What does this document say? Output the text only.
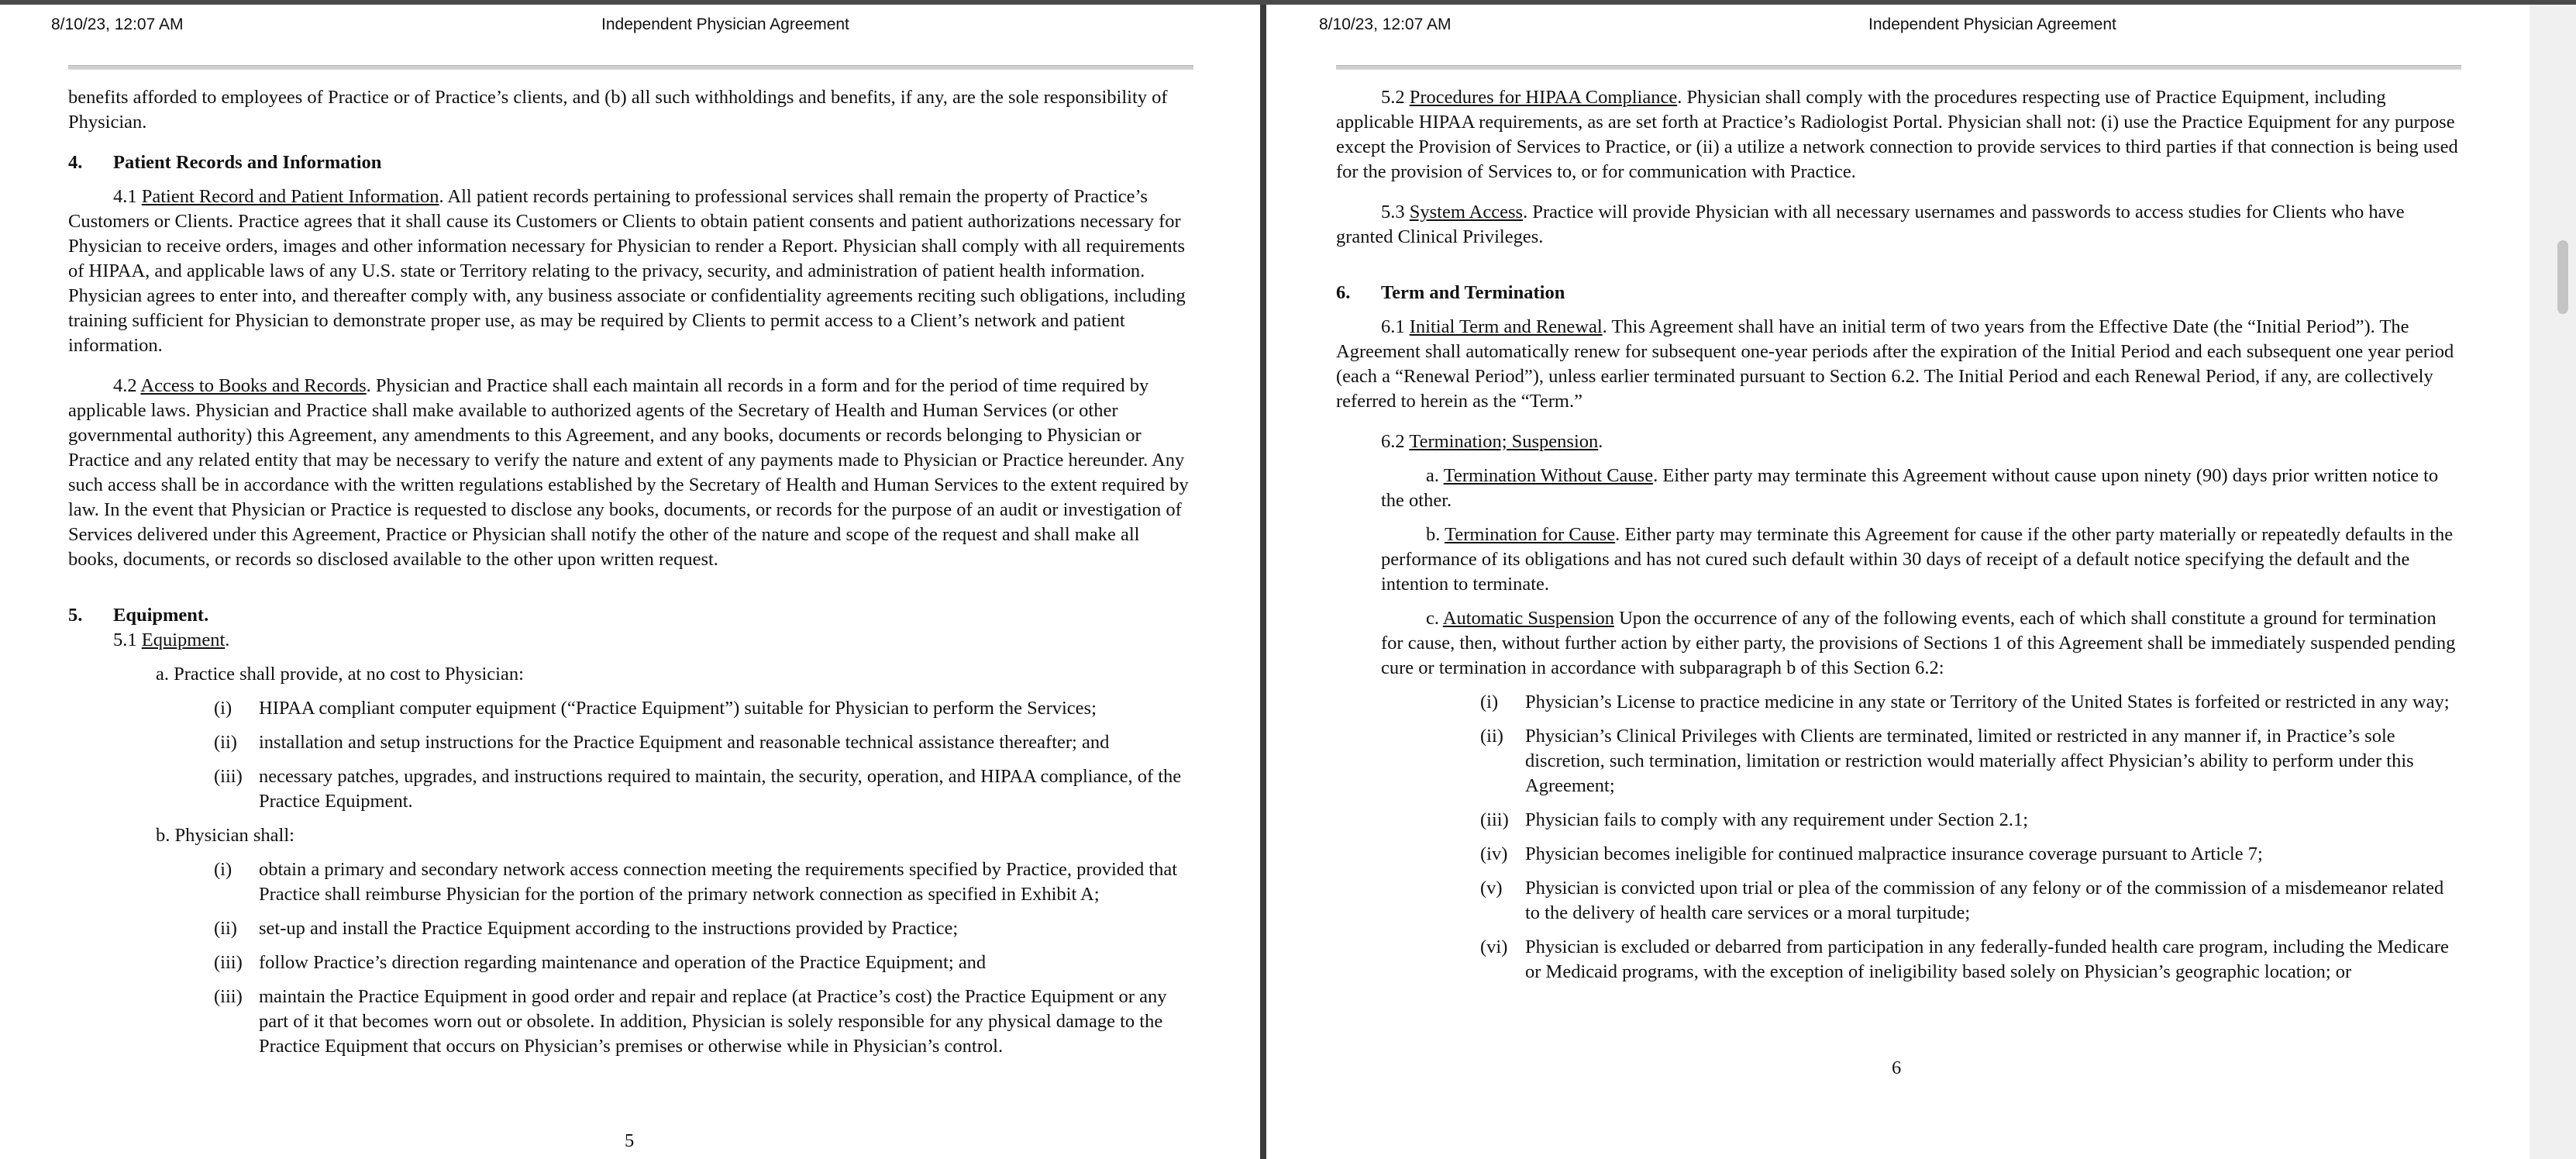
8/10/23, 12:07 AM	Independent Physician Agreement

benefits afforded to employees of Practice or of Practice’s clients, and (b) all such withholdings and benefits, if any, are the sole responsibility of Physician.

4.	Patient Records and Information

4.1 Patient Record and Patient Information. All patient records pertaining to professional services shall remain the property of Practice’s Customers or Clients. Practice agrees that it shall cause its Customers or Clients to obtain patient consents and patient authorizations necessary for Physician to receive orders, images and other information necessary for Physician to render a Report. Physician shall comply with all requirements of HIPAA, and applicable laws of any U.S. state or Territory relating to the privacy, security, and administration of patient health information. Physician agrees to enter into, and thereafter comply with, any business associate or confidentiality agreements reciting such obligations, including training sufficient for Physician to demonstrate proper use, as may be required by Clients to permit access to a Client’s network and patient information.

4.2 Access to Books and Records. Physician and Practice shall each maintain all records in a form and for the period of time required by applicable laws. Physician and Practice shall make available to authorized agents of the Secretary of Health and Human Services (or other governmental authority) this Agreement, any amendments to this Agreement, and any books, documents or records belonging to Physician or Practice and any related entity that may be necessary to verify the nature and extent of any payments made to Physician or Practice hereunder. Any such access shall be in accordance with the written regulations established by the Secretary of Health and Human Services to the extent required by law. In the event that Physician or Practice is requested to disclose any books, documents, or records for the purpose of an audit or investigation of Services delivered under this Agreement, Practice or Physician shall notify the other of the nature and scope of the request and shall make all books, documents, or records so disclosed available to the other upon written request.

5.	Equipment.

5.1 Equipment.

a. Practice shall provide, at no cost to Physician:

(i)	HIPAA compliant computer equipment (“Practice Equipment”) suitable for Physician to perform the Services;
(ii)	installation and setup instructions for the Practice Equipment and reasonable technical assistance thereafter; and
(iii) necessary patches, upgrades, and instructions required to maintain, the security, operation, and HIPAA compliance, of the Practice Equipment.

b. Physician shall:

(i)	obtain a primary and secondary network access connection meeting the requirements specified by Practice, provided that Practice shall reimburse Physician for the portion of the primary network connection as specified in Exhibit A;
(ii)	set-up and install the Practice Equipment according to the instructions provided by Practice;
(iii) follow Practice’s direction regarding maintenance and operation of the Practice Equipment; and
(iii) maintain the Practice Equipment in good order and repair and replace (at Practice’s cost) the Practice Equipment or any part of it that becomes worn out or obsolete. In addition, Physician is solely responsible for any physical damage to the Practice Equipment that occurs on Physician’s premises or otherwise while in Physician’s control.
5
8/10/23, 12:07 AM	Independent Physician Agreement

5.2 Procedures for HIPAA Compliance. Physician shall comply with the procedures respecting use of Practice Equipment, including applicable HIPAA requirements, as are set forth at Practice’s Radiologist Portal. Physician shall not: (i) use the Practice Equipment for any purpose except the Provision of Services to Practice, or (ii) a utilize a network connection to provide services to third parties if that connection is being used for the provision of Services to, or for communication with Practice.

5.3 System Access. Practice will provide Physician with all necessary usernames and passwords to access studies for Clients who have granted Clinical Privileges.

6.	Term and Termination

6.1 Initial Term and Renewal. This Agreement shall have an initial term of two years from the Effective Date (the “Initial Period”). The Agreement shall automatically renew for subsequent one-year periods after the expiration of the Initial Period and each subsequent one year period (each a “Renewal Period”), unless earlier terminated pursuant to Section 6.2. The Initial Period and each Renewal Period, if any, are collectively referred to herein as the “Term.”

6.2 Termination; Suspension.

a. Termination Without Cause. Either party may terminate this Agreement without cause upon ninety (90) days prior written notice to the other.

b. Termination for Cause. Either party may terminate this Agreement for cause if the other party materially or repeatedly defaults in the performance of its obligations and has not cured such default within 30 days of receipt of a default notice specifying the default and the intention to terminate.

c. Automatic Suspension Upon the occurrence of any of the following events, each of which shall constitute a ground for termination for cause, then, without further action by either party, the provisions of Sections 1 of this Agreement shall be immediately suspended pending cure or termination in accordance with subparagraph b of this Section 6.2:

(i)	Physician’s License to practice medicine in any state or Territory of the United States is forfeited or restricted in any way;
(ii)	Physician’s Clinical Privileges with Clients are terminated, limited or restricted in any manner if, in Practice’s sole discretion, such termination, limitation or restriction would materially affect Physician’s ability to perform under this Agreement;
(iii) Physician fails to comply with any requirement under Section 2.1;
(iv) Physician becomes ineligible for continued malpractice insurance coverage pursuant to Article 7;
(v)	Physician is convicted upon trial or plea of the commission of any felony or of the commission of a misdemeanor related to the delivery of health care services or a moral turpitude;
(vi) Physician is excluded or debarred from participation in any federally-funded health care program, including the Medicare or Medicaid programs, with the exception of ineligibility based solely on Physician’s geographic location; or
6
